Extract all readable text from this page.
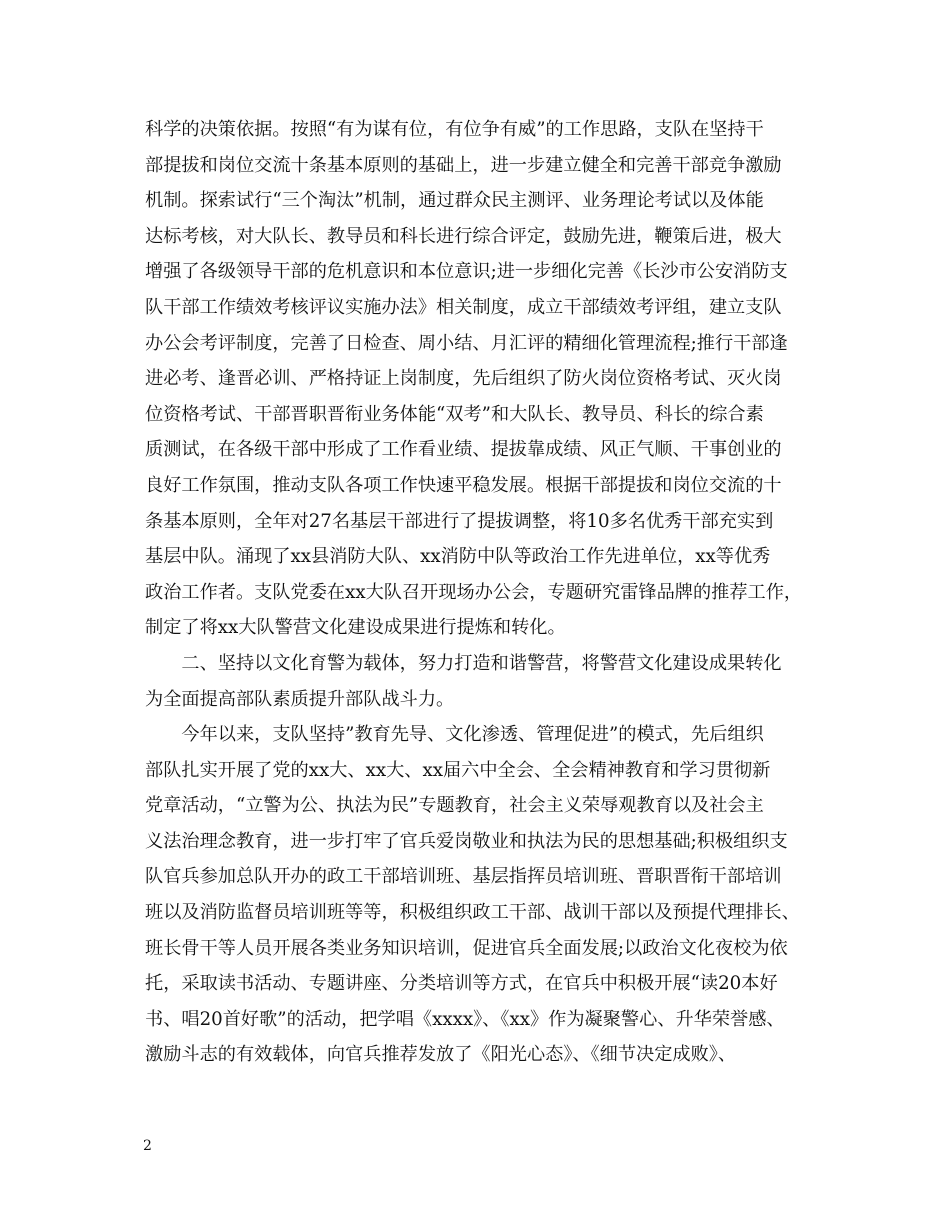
科学的决策依据。按照“有为谋有位，有位争有威”的工作思路，支队在坚持干
部提拔和岗位交流十条基本原则的基础上，进一步建立健全和完善干部竞争激励
机制。探索试行“三个淘汰”机制，通过群众民主测评、业务理论考试以及体能
达标考核，对大队长、教导员和科长进行综合评定，鼓励先进，鞭策后进，极大
增强了各级领导干部的危机意识和本位意识;进一步细化完善《长沙市公安消防支
队干部工作绩效考核评议实施办法》相关制度，成立干部绩效考评组，建立支队
办公会考评制度，完善了日检查、周小结、月汇评的精细化管理流程;推行干部逢
进必考、逢晋必训、严格持证上岗制度，先后组织了防火岗位资格考试、灭火岗
位资格考试、干部晋职晋衔业务体能“双考”和大队长、教导员、科长的综合素
质测试，在各级干部中形成了工作看业绩、提拔靠成绩、风正气顺、干事创业的
良好工作氛围，推动支队各项工作快速平稳发展。根据干部提拔和岗位交流的十
条基本原则，全年对27名基层干部进行了提拔调整，将10多名优秀干部充实到
基层中队。涌现了xx县消防大队、xx消防中队等政治工作先进单位，xx等优秀
政治工作者。支队党委在xx大队召开现场办公会，专题研究雷锋品牌的推荐工作，
制定了将xx大队警营文化建设成果进行提炼和转化。
　　二、坚持以文化育警为载体，努力打造和谐警营，将警营文化建设成果转化
为全面提高部队素质提升部队战斗力。
　　今年以来，支队坚持”教育先导、文化渗透、管理促进”的模式，先后组织
部队扎实开展了党的xx大、xx大、xx届六中全会、全会精神教育和学习贯彻新
党章活动，“立警为公、执法为民”专题教育，社会主义荣辱观教育以及社会主
义法治理念教育，进一步打牢了官兵爱岗敬业和执法为民的思想基础;积极组织支
队官兵参加总队开办的政工干部培训班、基层指挥员培训班、晋职晋衔干部培训
班以及消防监督员培训班等等，积极组织政工干部、战训干部以及预提代理排长、
班长骨干等人员开展各类业务知识培训，促进官兵全面发展;以政治文化夜校为依
托，采取读书活动、专题讲座、分类培训等方式，在官兵中积极开展“读20本好
书、唱20首好歌”的活动，把学唱《xxxx》、《xx》作为凝聚警心、升华荣誉感、
激励斗志的有效载体，向官兵推荐发放了《阳光心态》、《细节决定成败》、
2
